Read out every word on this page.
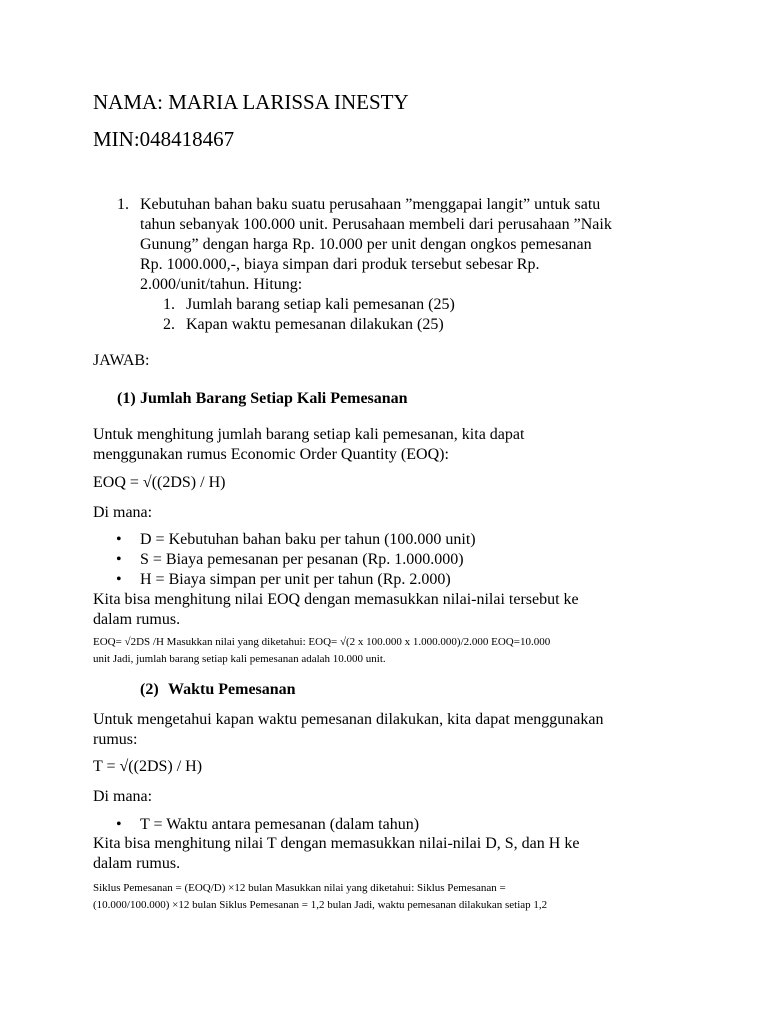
NAMA: MARIA LARISSA INESTY
MIN:048418467
1. Kebutuhan bahan baku suatu perusahaan ”menggapai langit” untuk satu
tahun sebanyak 100.000 unit. Perusahaan membeli dari perusahaan ”Naik
Gunung” dengan harga Rp. 10.000 per unit dengan ongkos pemesanan
Rp. 1000.000,-, biaya simpan dari produk tersebut sebesar Rp.
2.000/unit/tahun. Hitung:
1. Jumlah barang setiap kali pemesanan (25)
2. Kapan waktu pemesanan dilakukan (25)
JAWAB:
(1) Jumlah Barang Setiap Kali Pemesanan
Untuk menghitung jumlah barang setiap kali pemesanan, kita dapat
menggunakan rumus Economic Order Quantity (EOQ):
EOQ = √((2DS) / H)
Di mana:
• D = Kebutuhan bahan baku per tahun (100.000 unit)
• S = Biaya pemesanan per pesanan (Rp. 1.000.000)
• H = Biaya simpan per unit per tahun (Rp. 2.000)
Kita bisa menghitung nilai EOQ dengan memasukkan nilai-nilai tersebut ke
dalam rumus.
EOQ= √2DS /H Masukkan nilai yang diketahui: EOQ= √(2 x 100.000 x 1.000.000)/2.000 EOQ=10.000
unit Jadi, jumlah barang setiap kali pemesanan adalah 10.000 unit.
(2) Waktu Pemesanan
Untuk mengetahui kapan waktu pemesanan dilakukan, kita dapat menggunakan
rumus:
T = √((2DS) / H)
Di mana:
• T = Waktu antara pemesanan (dalam tahun)
Kita bisa menghitung nilai T dengan memasukkan nilai-nilai D, S, dan H ke
dalam rumus.
Siklus Pemesanan = (EOQ/D) ×12 bulan Masukkan nilai yang diketahui: Siklus Pemesanan =
(10.000/100.000) ×12 bulan Siklus Pemesanan = 1,2 bulan Jadi, waktu pemesanan dilakukan setiap 1,2
